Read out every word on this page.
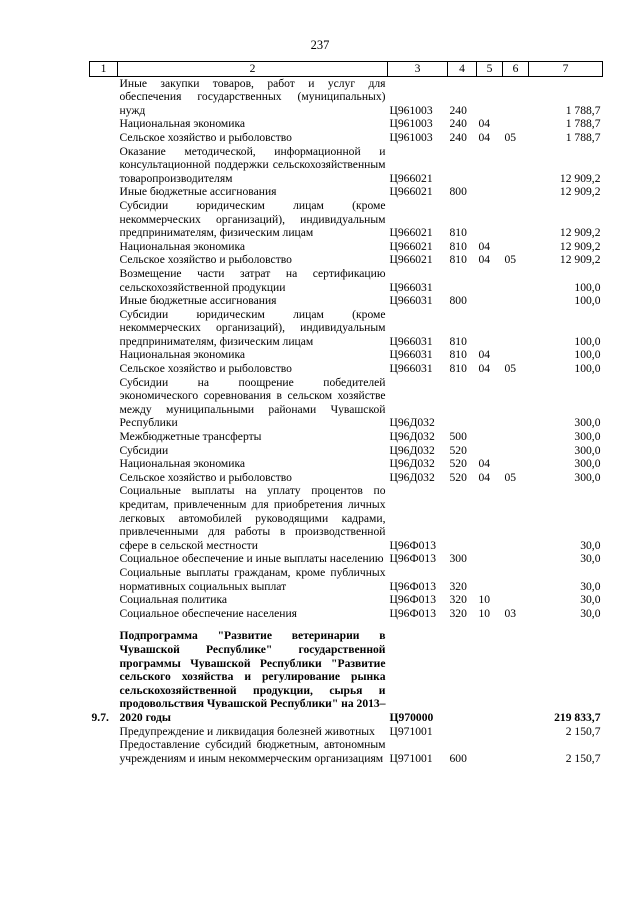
237
1	2	3	4	5	6	7
	Иные закупки товаров, работ и услуг для обеспечения государственных (муниципальных) нужд	Ц961003	240			1 788,7
	Национальная экономика	Ц961003	240	04		1 788,7
	Сельское хозяйство и рыболовство	Ц961003	240	04	05	1 788,7
	Оказание методической, информационной и консультационной поддержки сельскохозяйственным товаропроизводителям	Ц966021				12 909,2
	Иные бюджетные ассигнования	Ц966021	800			12 909,2
	Субсидии юридическим лицам (кроме некоммерческих организаций), индивидуальным предпринимателям, физическим лицам	Ц966021	810			12 909,2
	Национальная экономика	Ц966021	810	04		12 909,2
	Сельское хозяйство и рыболовство	Ц966021	810	04	05	12 909,2
	Возмещение части затрат на сертификацию сельскохозяйственной продукции	Ц966031				100,0
	Иные бюджетные ассигнования	Ц966031	800			100,0
	Субсидии юридическим лицам (кроме некоммерческих организаций), индивидуальным предпринимателям, физическим лицам	Ц966031	810			100,0
	Национальная экономика	Ц966031	810	04		100,0
	Сельское хозяйство и рыболовство	Ц966031	810	04	05	100,0
	Субсидии на поощрение победителей экономического соревнования в сельском хозяйстве между муниципальными районами Чувашской Республики	Ц96Д032				300,0
	Межбюджетные трансферты	Ц96Д032	500			300,0
	Субсидии	Ц96Д032	520			300,0
	Национальная экономика	Ц96Д032	520	04		300,0
	Сельское хозяйство и рыболовство	Ц96Д032	520	04	05	300,0
	Социальные выплаты на уплату процентов по кредитам, привлеченным для приобретения личных легковых автомобилей руководящими кадрами, привлеченными для работы в производственной сфере в сельской местности	Ц96Ф013				30,0
	Социальное обеспечение и иные выплаты населению	Ц96Ф013	300			30,0
	Социальные выплаты гражданам, кроме публичных нормативных социальных выплат	Ц96Ф013	320			30,0
	Социальная политика	Ц96Ф013	320	10		30,0
	Социальное обеспечение населения	Ц96Ф013	320	10	03	30,0

9.7.	Подпрограмма "Развитие ветеринарии в Чувашской Республике" государственной программы Чувашской Республики "Развитие сельского хозяйства и регулирование рынка сельскохозяйственной продукции, сырья и продовольствия Чувашской Республики" на 2013–2020 годы	Ц970000				219 833,7
	Предупреждение и ликвидация болезней животных	Ц971001				2 150,7
	Предоставление субсидий бюджетным, автономным учреждениям и иным некоммерческим организациям	Ц971001	600			2 150,7
